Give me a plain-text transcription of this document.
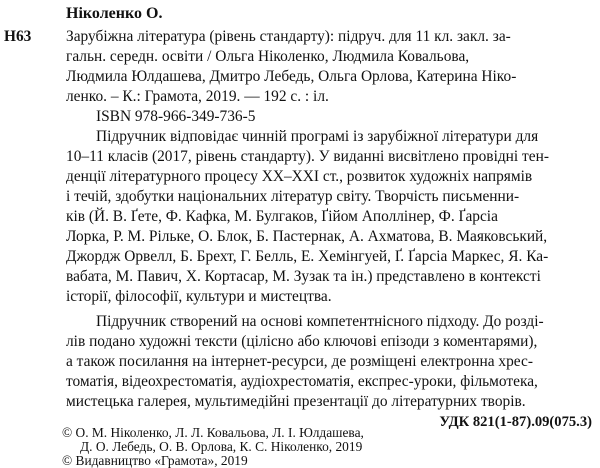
Ніколенко О.
Н63 Зарубіжна література (рівень стандарту): підруч. для 11 кл. закл. за-
гальн. середн. освіти / Ольга Ніколенко, Людмила Ковальова,
Людмила Юлдашева, Дмитро Лебедь, Ольга Орлова, Катерина Ніко-
ленко. – К.: Грамота, 2019. — 192 с. : іл.
ISBN 978-966-349-736-5
Підручник відповідає чинній програмі із зарубіжної літератури для
10–11 класів (2017, рівень стандарту). У виданні висвітлено провідні тен-
денції літературного процесу XX–XXI ст., розвиток художніх напрямів
і течій, здобутки національних літератур світу. Творчість письменни-
ків (Й. В. Ґете, Ф. Кафка, М. Булгаков, Ґійом Аполлінер, Ф. Ґарсіа
Лорка, Р. М. Рільке, О. Блок, Б. Пастернак, А. Ахматова, В. Маяковський,
Джордж Орвелл, Б. Брехт, Г. Белль, Е. Хемінгуей, Ґ. Ґарсіа Маркес, Я. Ка-
вабата, М. Павич, Х. Кортасар, М. Зузак та ін.) представлено в контексті
історії, філософії, культури и мистецтва.
Підручник створений на основі компетентнісного підходу. До розді-
лів подано художні тексти (цілісно або ключові епізоди з коментарями),
а також посилання на інтернет-ресурси, де розміщені електронна хрес-
томатія, відеохрестоматія, аудіохрестоматія, експрес-уроки, фільмотека,
мистецька галерея, мультимедійні презентації до літературних творів.
УДК 821(1-87).09(075.3)
© О. М. Ніколенко, Л. Л. Ковальова, Л. І. Юлдашева,
Д. О. Лебедь, О. В. Орлова, К. С. Ніколенко, 2019
© Видавництво «Грамота», 2019
